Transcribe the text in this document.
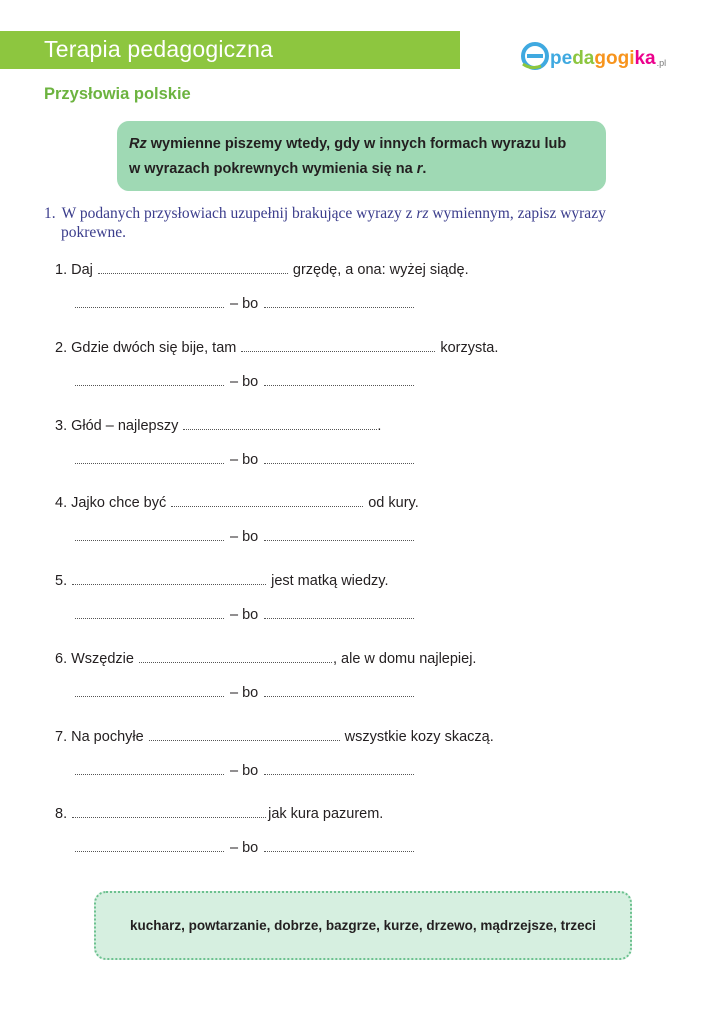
Terapia pedagogiczna	pedagogika .pl
Przysłowia polskie
Rz wymienne piszemy wtedy, gdy w innych formach wyrazu lub
w wyrazach pokrewnych wymienia się na r.
1. W podanych przysłowiach uzupełnij brakujące wyrazy z rz wymiennym, zapisz wyrazy
pokrewne.
1. Daj	grzędę, a ona: wyżej siądę.
– bo
2. Gdzie dwóch się bije, tam	korzysta.
– bo
3. Głód – najlepszy	.
– bo
4. Jajko chce być	od kury.
– bo
5.	jest matką wiedzy.
– bo
6. Wszędzie	, ale w domu najlepiej.
– bo
7. Na pochyłe	wszystkie kozy skaczą.
– bo
8.	jak kura pazurem.
– bo
kucharz, powtarzanie, dobrze, bazgrze, kurze, drzewo, mądrzejsze, trzeci
